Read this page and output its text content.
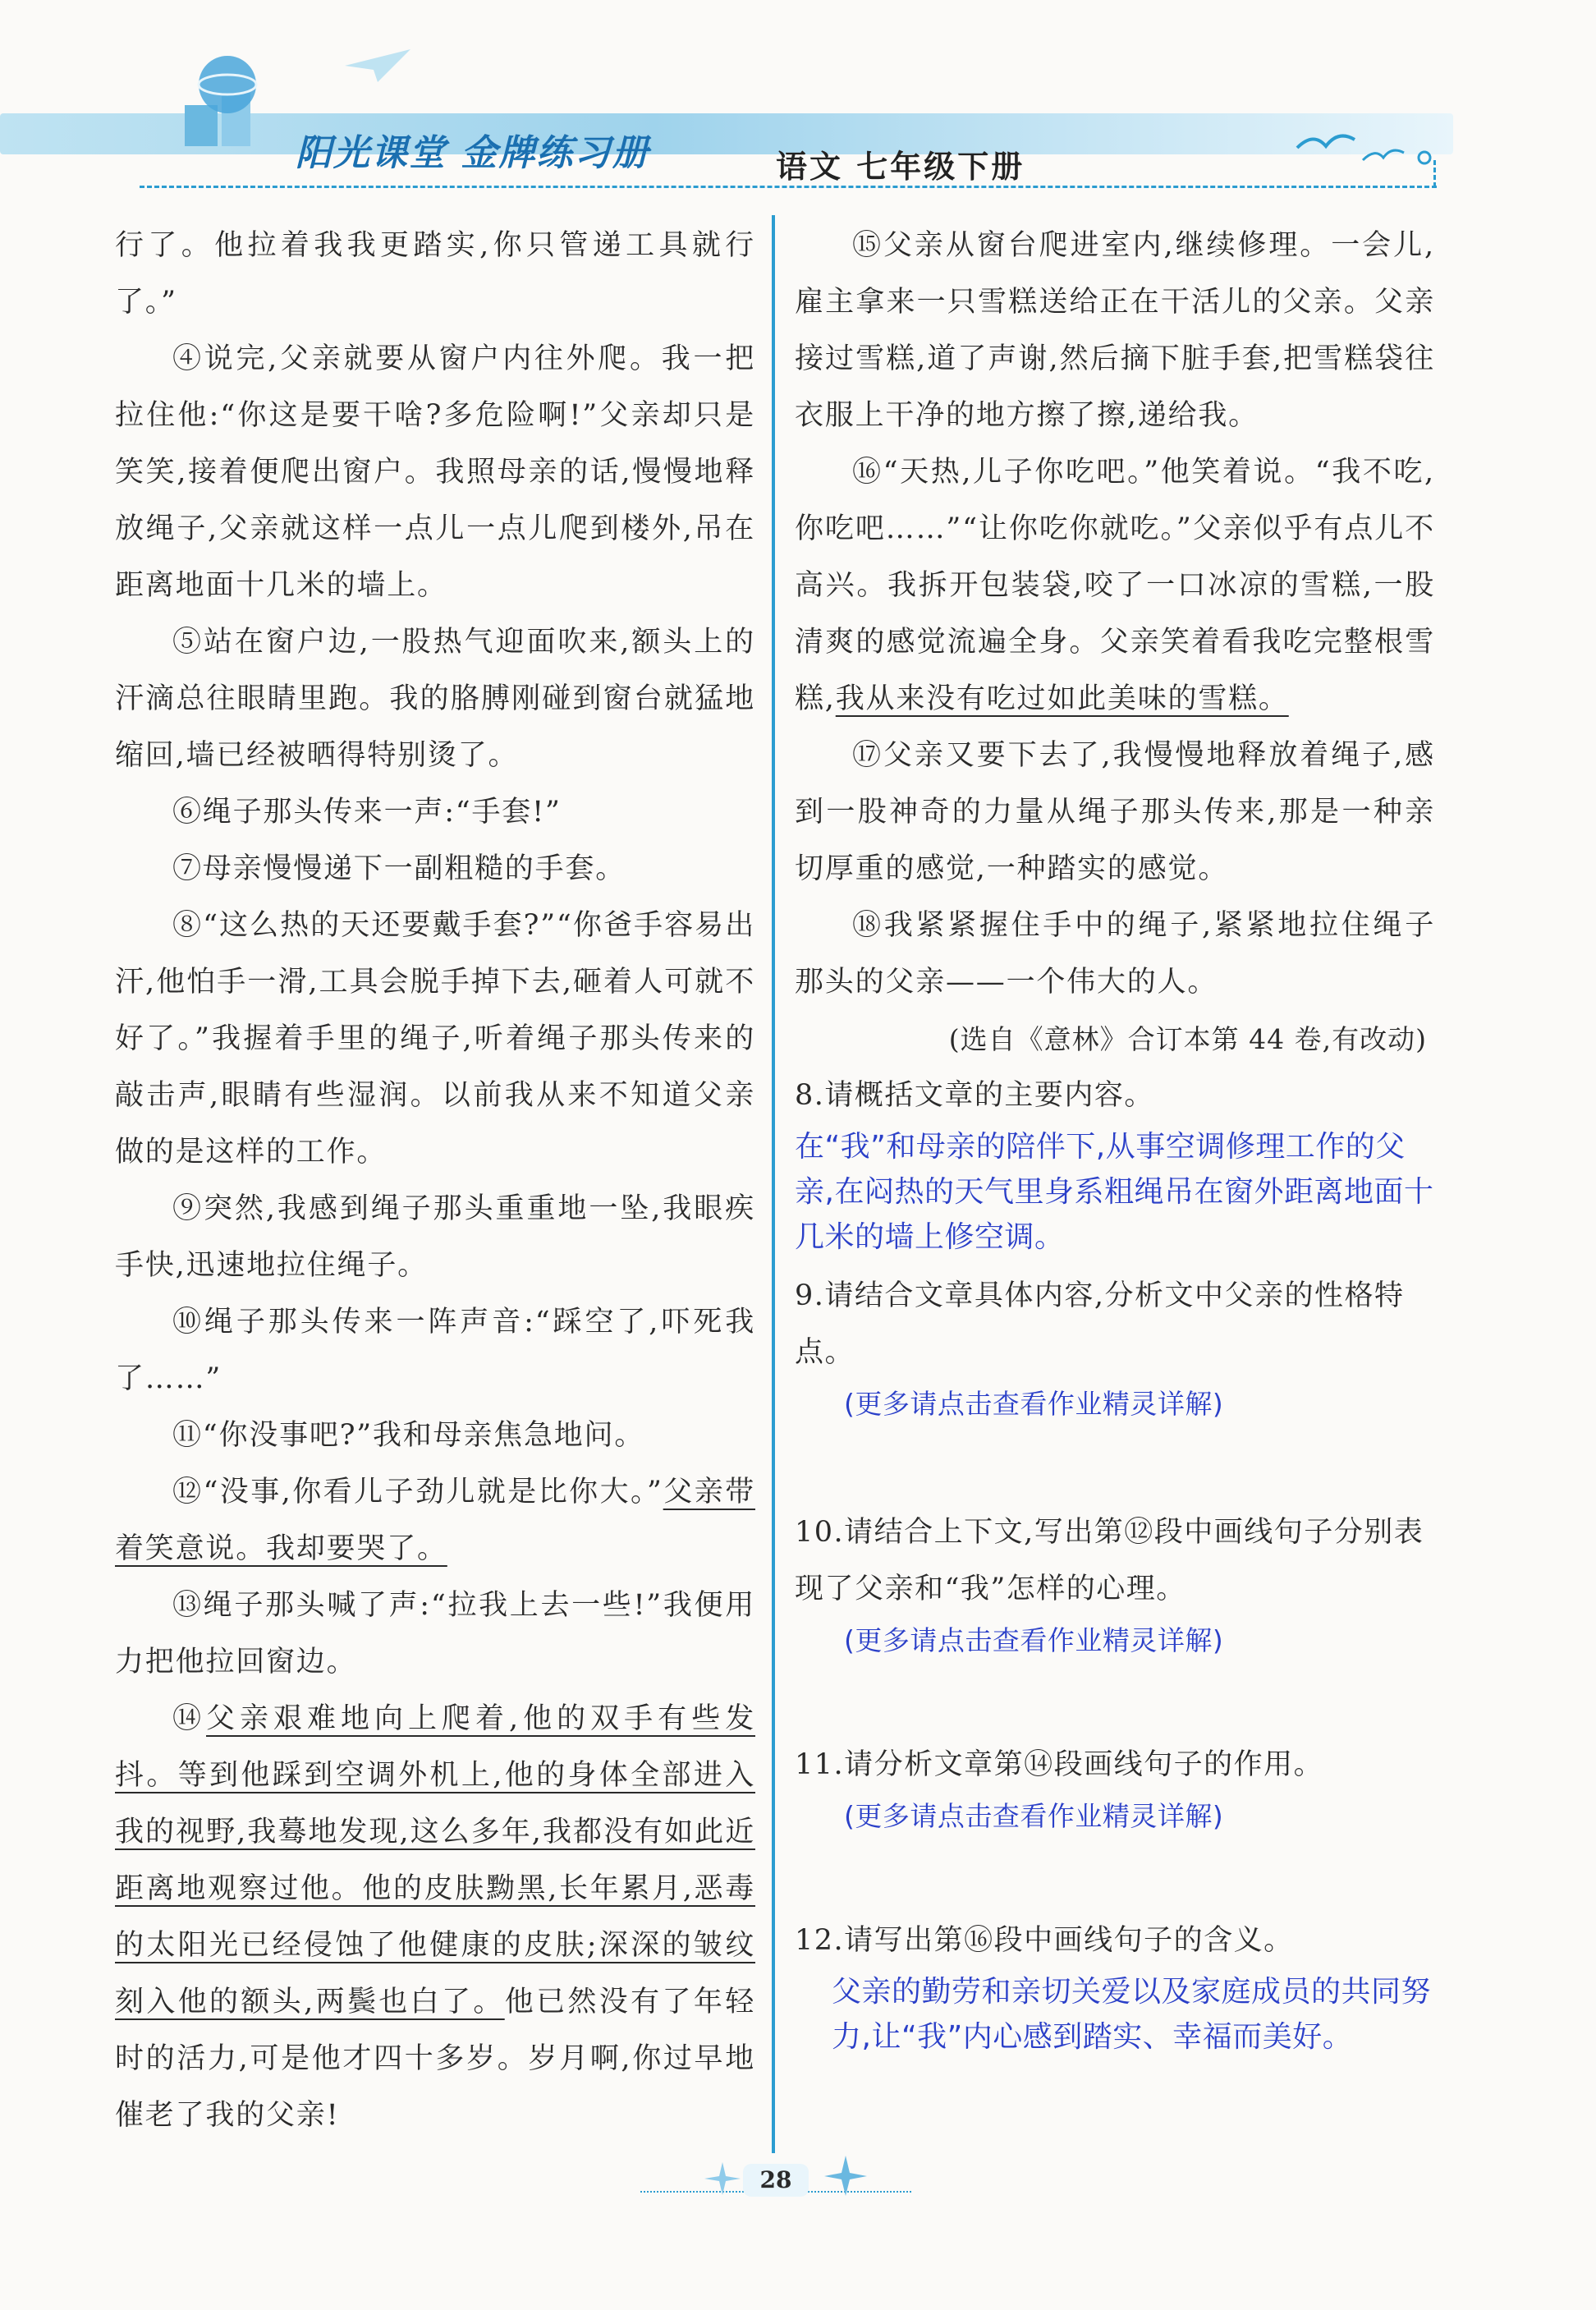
阳光课堂 金牌练习册	语文 七年级下册

行了。他拉着我我更踏实,你只管递工具就行了。”

④说完,父亲就要从窗户内往外爬。我一把拉住他:“你这是要干啥?多危险啊!”父亲却只是笑笑,接着便爬出窗户。我照母亲的话,慢慢地释放绳子,父亲就这样一点儿一点儿爬到楼外,吊在距离地面十几米的墙上。

⑤站在窗户边,一股热气迎面吹来,额头上的汗滴总往眼睛里跑。我的胳膊刚碰到窗台就猛地缩回,墙已经被晒得特别烫了。

⑥绳子那头传来一声:“手套!”

⑦母亲慢慢递下一副粗糙的手套。

⑧“这么热的天还要戴手套?”“你爸手容易出汗,他怕手一滑,工具会脱手掉下去,砸着人可就不好了。”我握着手里的绳子,听着绳子那头传来的敲击声,眼睛有些湿润。以前我从来不知道父亲做的是这样的工作。

⑨突然,我感到绳子那头重重地一坠,我眼疾手快,迅速地拉住绳子。

⑩绳子那头传来一阵声音:“踩空了,吓死我了……”

⑪“你没事吧?”我和母亲焦急地问。

⑫“没事,你看儿子劲儿就是比你大。”父亲带着笑意说。我却要哭了。

⑬绳子那头喊了声:“拉我上去一些!”我便用力把他拉回窗边。

⑭父亲艰难地向上爬着,他的双手有些发抖。等到他踩到空调外机上,他的身体全部进入我的视野,我蓦地发现,这么多年,我都没有如此近距离地观察过他。他的皮肤黝黑,长年累月,恶毒的太阳光已经侵蚀了他健康的皮肤;深深的皱纹刻入他的额头,两鬓也白了。他已然没有了年轻时的活力,可是他才四十多岁。岁月啊,你过早地催老了我的父亲!

⑮父亲从窗台爬进室内,继续修理。一会儿,雇主拿来一只雪糕送给正在干活儿的父亲。父亲接过雪糕,道了声谢,然后摘下脏手套,把雪糕袋往衣服上干净的地方擦了擦,递给我。

⑯“天热,儿子你吃吧。”他笑着说。“我不吃,你吃吧……”“让你吃你就吃。”父亲似乎有点儿不高兴。我拆开包装袋,咬了一口冰凉的雪糕,一股清爽的感觉流遍全身。父亲笑着看我吃完整根雪糕,我从来没有吃过如此美味的雪糕。

⑰父亲又要下去了,我慢慢地释放着绳子,感到一股神奇的力量从绳子那头传来,那是一种亲切厚重的感觉,一种踏实的感觉。

⑱我紧紧握住手中的绳子,紧紧地拉住绳子那头的父亲——一个伟大的人。

(选自《意林》合订本第 44 卷,有改动)

8.请概括文章的主要内容。

在“我”和母亲的陪伴下,从事空调修理工作的父亲,在闷热的天气里身系粗绳吊在窗外距离地面十几米的墙上修空调。

9.请结合文章具体内容,分析文中父亲的性格特点。

(更多请点击查看作业精灵详解)

10.请结合上下文,写出第⑫段中画线句子分别表现了父亲和“我”怎样的心理。

(更多请点击查看作业精灵详解)

11.请分析文章第⑭段画线句子的作用。

(更多请点击查看作业精灵详解)

12.请写出第⑯段中画线句子的含义。

父亲的勤劳和亲切关爱以及家庭成员的共同努力,让“我”内心感到踏实、幸福而美好。

28
